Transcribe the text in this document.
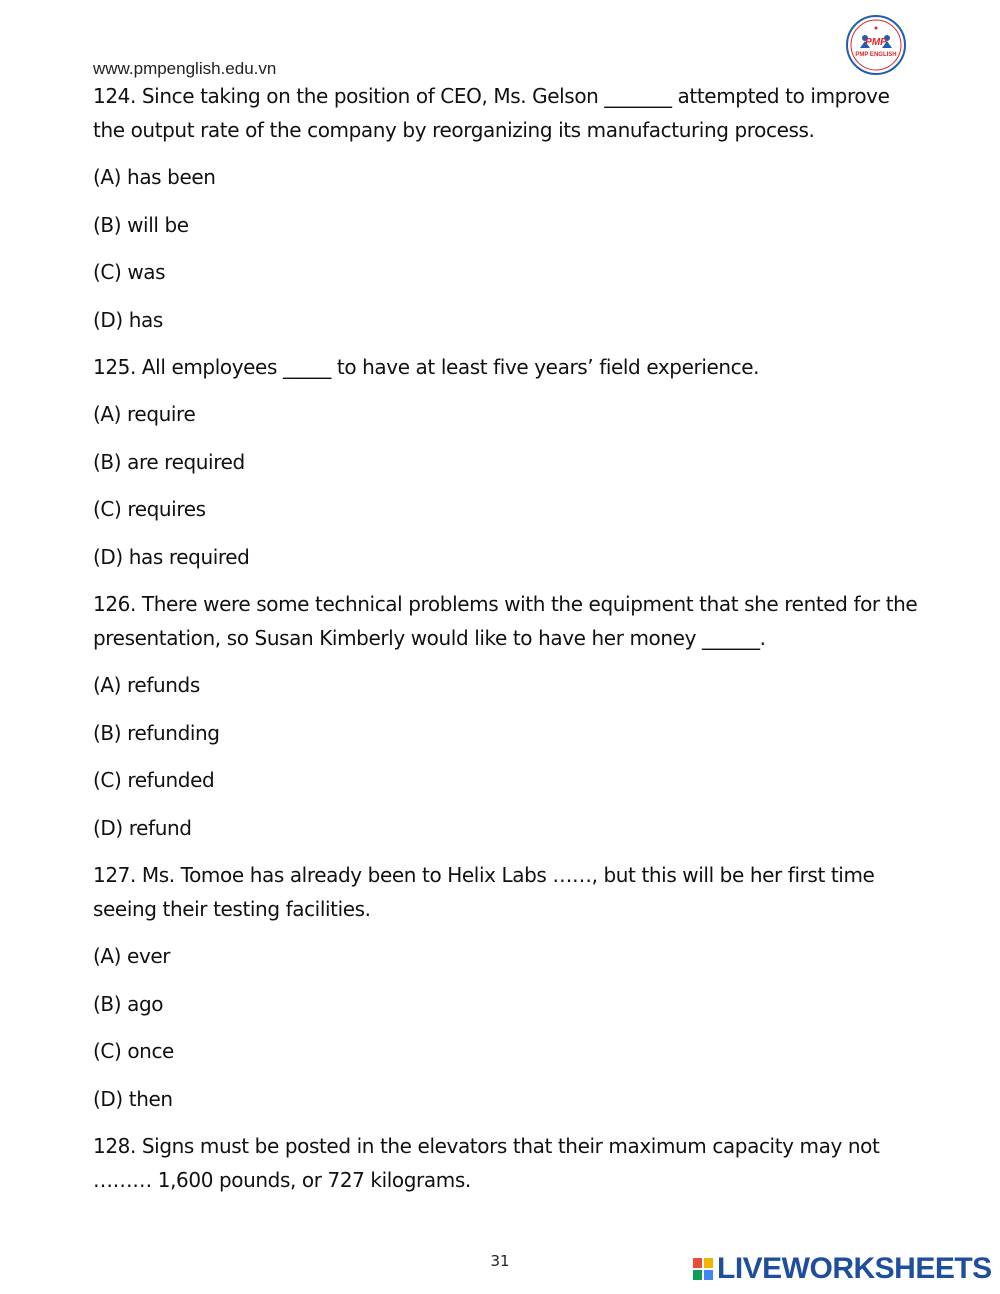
www.pmpenglish.edu.vn
PMP
PMP ENGLISH
124. Since taking on the position of CEO, Ms. Gelson _______ attempted to improve the output rate of the company by reorganizing its manufacturing process.
(A) has been
(B) will be
(C) was
(D) has
125. All employees _____ to have at least five years’ field experience.
(A) require
(B) are required
(C) requires
(D) has required
126. There were some technical problems with the equipment that she rented for the presentation, so Susan Kimberly would like to have her money ______.
(A) refunds
(B) refunding
(C) refunded
(D) refund
127. Ms. Tomoe has already been to Helix Labs ……, but this will be her first time seeing their testing facilities.
(A) ever
(B) ago
(C) once
(D) then
128. Signs must be posted in the elevators that their maximum capacity may not ……… 1,600 pounds, or 727 kilograms.
31	LIVEWORKSHEETS
